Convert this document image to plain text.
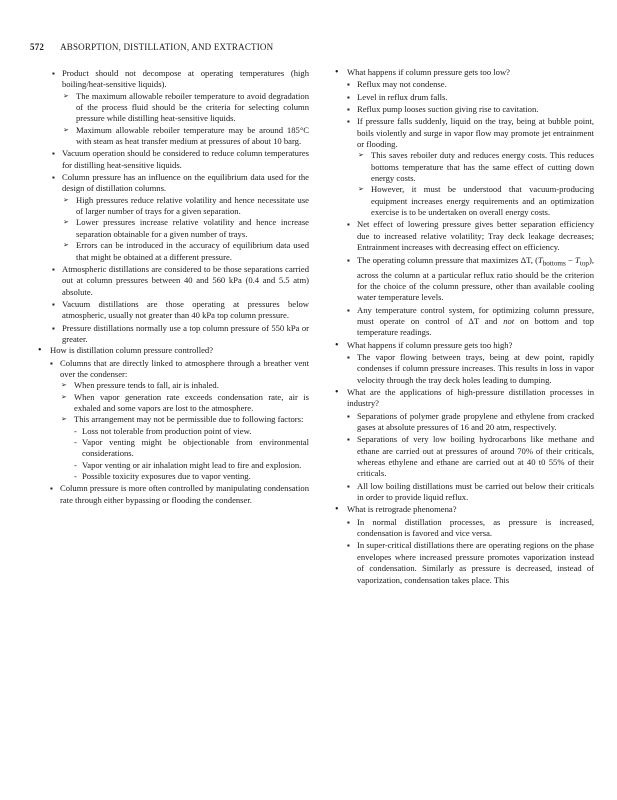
572 ABSORPTION, DISTILLATION, AND EXTRACTION
▪ Product should not decompose at operating temperatures (high boiling/heat-sensitive liquids).
➢ The maximum allowable reboiler temperature to avoid degradation of the process fluid should be the criteria for selecting column pressure while distilling heat-sensitive liquids.
➢ Maximum allowable reboiler temperature may be around 185°C with steam as heat transfer medium at pressures of about 10 barg.
▪ Vacuum operation should be considered to reduce column temperatures for distilling heat-sensitive liquids.
▪ Column pressure has an influence on the equilibrium data used for the design of distillation columns.
➢ High pressures reduce relative volatility and hence necessitate use of larger number of trays for a given separation.
➢ Lower pressures increase relative volatility and hence increase separation obtainable for a given number of trays.
➢ Errors can be introduced in the accuracy of equilibrium data used that might be obtained at a different pressure.
▪ Atmospheric distillations are considered to be those separations carried out at column pressures between 40 and 560 kPa (0.4 and 5.5 atm) absolute.
▪ Vacuum distillations are those operating at pressures below atmospheric, usually not greater than 40 kPa top column pressure.
▪ Pressure distillations normally use a top column pressure of 550 kPa or greater.
• How is distillation column pressure controlled?
▪ Columns that are directly linked to atmosphere through a breather vent over the condenser:
➢ When pressure tends to fall, air is inhaled.
➢ When vapor generation rate exceeds condensation rate, air is exhaled and some vapors are lost to the atmosphere.
➢ This arrangement may not be permissible due to following factors:
- Loss not tolerable from production point of view.
- Vapor venting might be objectionable from environmental considerations.
- Vapor venting or air inhalation might lead to fire and explosion.
- Possible toxicity exposures due to vapor venting.
▪ Column pressure is more often controlled by manipulating condensation rate through either bypassing or flooding the condenser.
• What happens if column pressure gets too low?
▪ Reflux may not condense.
▪ Level in reflux drum falls.
▪ Reflux pump looses suction giving rise to cavitation.
▪ If pressure falls suddenly, liquid on the tray, being at bubble point, boils violently and surge in vapor flow may promote jet entrainment or flooding.
➢ This saves reboiler duty and reduces energy costs. This reduces bottoms temperature that has the same effect of cutting down energy costs.
➢ However, it must be understood that vacuum-producing equipment increases energy requirements and an optimization exercise is to be undertaken on overall energy costs.
▪ Net effect of lowering pressure gives better separation efficiency due to increased relative volatility; Tray deck leakage decreases; Entrainment increases with decreasing effect on efficiency.
▪ The operating column pressure that maximizes ΔT, $(T_{bottoms} - T_{top})$, across the column at a particular reflux ratio should be the criterion for the choice of the column pressure, other than available cooling water temperature levels.
▪ Any temperature control system, for optimizing column pressure, must operate on control of ΔT and not on bottom and top temperature readings.
• What happens if column pressure gets too high?
▪ The vapor flowing between trays, being at dew point, rapidly condenses if column pressure increases. This results in loss in vapor velocity through the tray deck holes leading to dumping.
• What are the applications of high-pressure distillation processes in industry?
▪ Separations of polymer grade propylene and ethylene from cracked gases at absolute pressures of 16 and 20 atm, respectively.
▪ Separations of very low boiling hydrocarbons like methane and ethane are carried out at pressures of around 70% of their criticals, whereas ethylene and ethane are carried out at 40 t0 55% of their criticals.
▪ All low boiling distillations must be carried out below their criticals in order to provide liquid reflux.
• What is retrograde phenomena?
▪ In normal distillation processes, as pressure is increased, condensation is favored and vice versa.
▪ In super-critical distillations there are operating regions on the phase envelopes where increased pressure promotes vaporization instead of condensation. Similarly as pressure is decreased, instead of vaporization, condensation takes place. This
